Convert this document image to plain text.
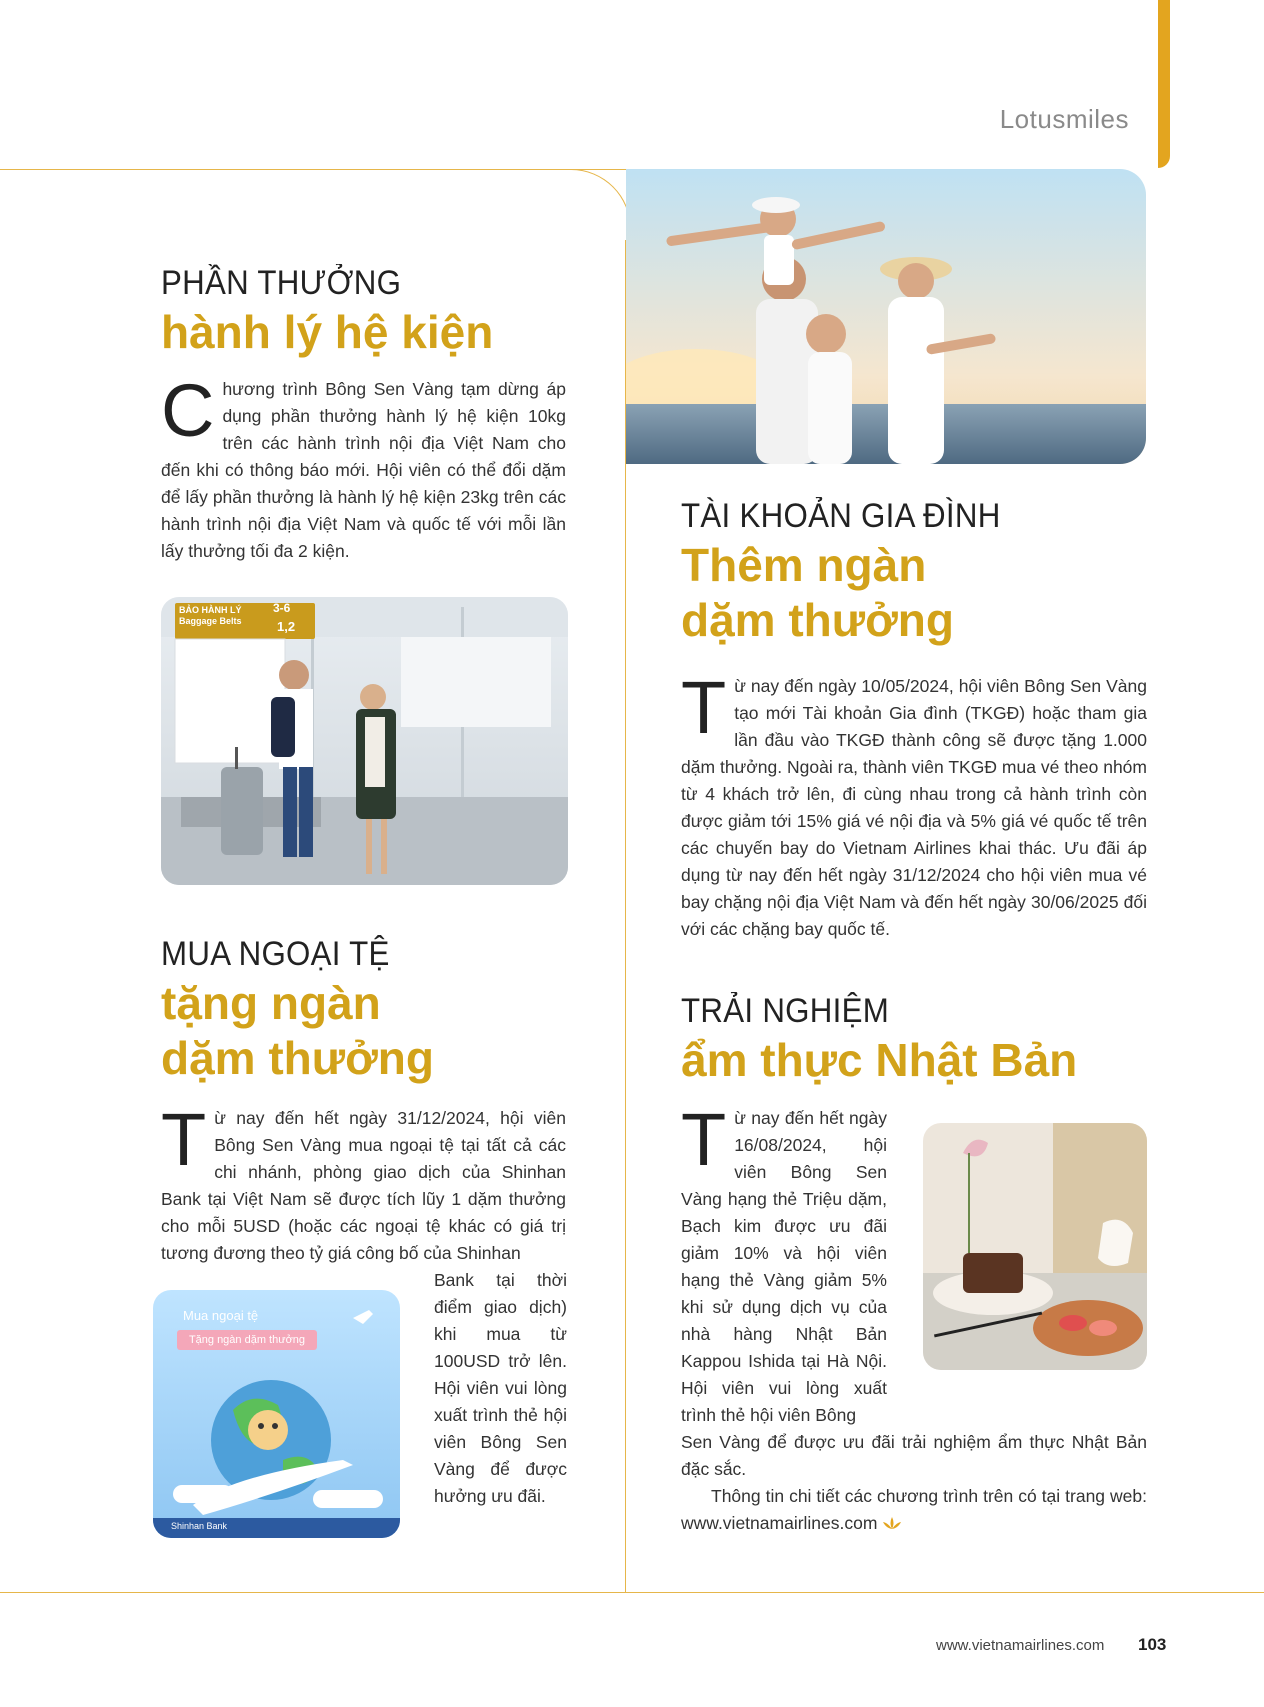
Lotusmiles
PHẦN THƯỞNG
hành lý hệ kiện
C hương trình Bông Sen Vàng tạm dừng áp dụng phần thưởng hành lý hệ kiện 10kg trên các hành trình nội địa Việt Nam cho đến khi có thông báo mới. Hội viên có thể đổi dặm để lấy phần thưởng là hành lý hệ kiện 23kg trên các hành trình nội địa Việt Nam và quốc tế với mỗi lần lấy thưởng tối đa 2 kiện.
BẢO HÀNH LÝ
Baggage Belts
3-6
1,2
MUA NGOẠI TỆ
tặng ngàn
dặm thưởng
T ừ nay đến hết ngày 31/12/2024, hội viên Bông Sen Vàng mua ngoại tệ tại tất cả các chi nhánh, phòng giao dịch của Shinhan Bank tại Việt Nam sẽ được tích lũy 1 dặm thưởng cho mỗi 5USD (hoặc các ngoại tệ khác có giá trị tương đương theo tỷ giá công bố của Shinhan
Bank tại thời điểm giao dịch) khi mua từ 100USD trở lên. Hội viên vui lòng xuất trình thẻ hội viên Bông Sen Vàng để được hưởng ưu đãi.
Mua ngoại tệ
Tặng ngàn dặm thưởng
Shinhan Bank
TÀI KHOẢN GIA ĐÌNH
Thêm ngàn
dặm thưởng
T ừ nay đến ngày 10/05/2024, hội viên Bông Sen Vàng tạo mới Tài khoản Gia đình (TKGĐ) hoặc tham gia lần đầu vào TKGĐ thành công sẽ được tặng 1.000 dặm thưởng. Ngoài ra, thành viên TKGĐ mua vé theo nhóm từ 4 khách trở lên, đi cùng nhau trong cả hành trình còn được giảm tới 15% giá vé nội địa và 5% giá vé quốc tế trên các chuyến bay do Vietnam Airlines khai thác. Ưu đãi áp dụng từ nay đến hết ngày 31/12/2024 cho hội viên mua vé bay chặng nội địa Việt Nam và đến hết ngày 30/06/2025 đối với các chặng bay quốc tế.
TRẢI NGHIỆM
ẩm thực Nhật Bản
T ừ nay đến hết ngày 16/08/2024, hội viên Bông Sen Vàng hạng thẻ Triệu dặm, Bạch kim được ưu đãi giảm 10% và hội viên hạng thẻ Vàng giảm 5% khi sử dụng dịch vụ của nhà hàng Nhật Bản Kappou Ishida tại Hà Nội. Hội viên vui lòng xuất trình thẻ hội viên Bông
Sen Vàng để được ưu đãi trải nghiệm ẩm thực Nhật Bản đặc sắc.
Thông tin chi tiết các chương trình trên có tại trang web: www.vietnamairlines.com
www.vietnamairlines.com 103
